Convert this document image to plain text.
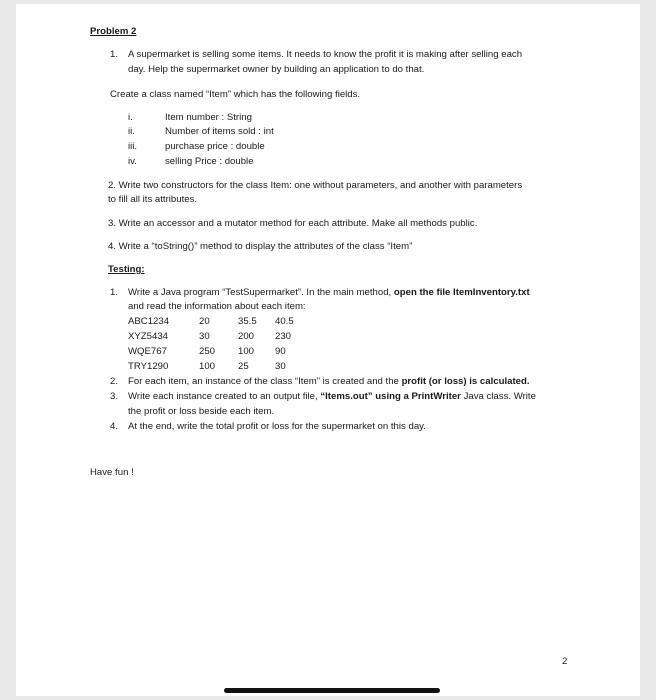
Problem 2
1. A supermarket is selling some items. It needs to know the profit it is making after selling each
day. Help the supermarket owner by building an application to do that.
Create a class named “Item” which has the following fields.
i.	Item number : String
ii.	Number of items sold : int
iii.	purchase price : double
iv.	selling Price : double
2. Write two constructors for the class Item: one without parameters, and another with parameters
to fill all its attributes.
3. Write an accessor and a mutator method for each attribute. Make all methods public.
4. Write a “toString()” method to display the attributes of the class “Item”
Testing:
1. Write a Java program “TestSupermarket”. In the main method, open the file ItemInventory.txt
and read the information about each item:
ABC1234	20	35.5 40.5
XYZ5434	30	200 230
WQE767	250 100 90
TRY1290	100 25	30
2. For each item, an instance of the class “Item” is created and the profit (or loss) is calculated.
3. Write each instance created to an output file, “Items.out” using a PrintWriter Java class. Write
the profit or loss beside each item.
4. At the end, write the total profit or loss for the supermarket on this day.
Have fun !
2
